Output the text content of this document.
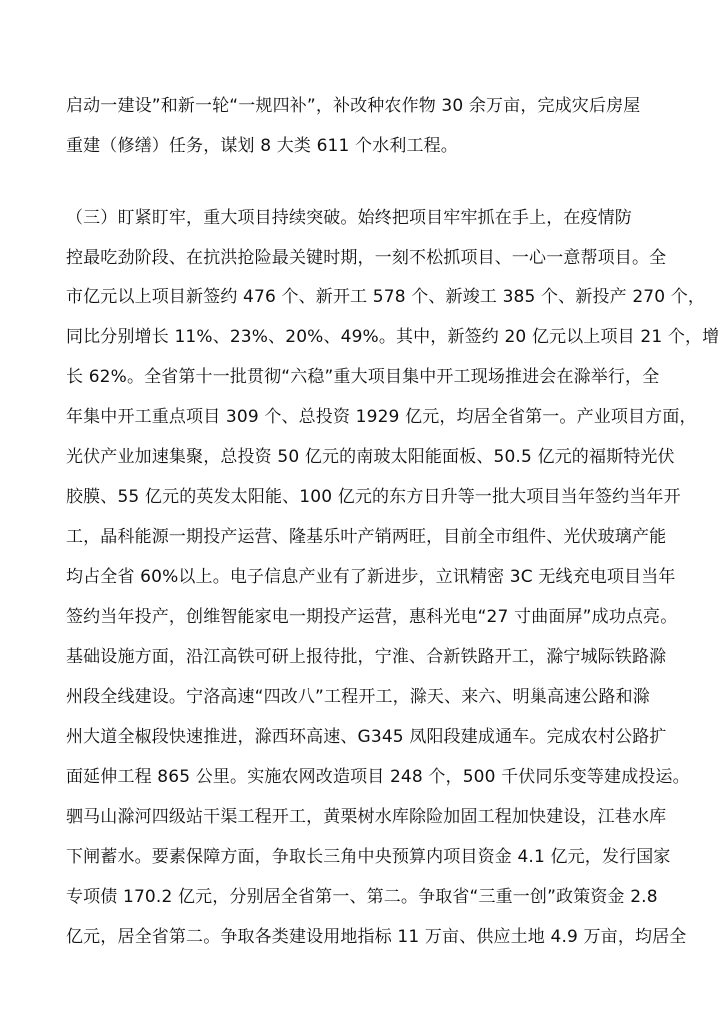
启动一建设”和新一轮“一规四补”，补改种农作物 30 余万亩，完成灾后房屋
重建（修缮）任务，谋划 8 大类 611 个水利工程。
（三）盯紧盯牢，重大项目持续突破。始终把项目牢牢抓在手上，在疫情防
控最吃劲阶段、在抗洪抢险最关键时期，一刻不松抓项目、一心一意帮项目。全
市亿元以上项目新签约 476 个、新开工 578 个、新竣工 385 个、新投产 270 个，
同比分别增长 11%、23%、20%、49%。其中，新签约 20 亿元以上项目 21 个，增
长 62%。全省第十一批贯彻“六稳”重大项目集中开工现场推进会在滁举行，全
年集中开工重点项目 309 个、总投资 1929 亿元，均居全省第一。产业项目方面，
光伏产业加速集聚，总投资 50 亿元的南玻太阳能面板、50.5 亿元的福斯特光伏
胶膜、55 亿元的英发太阳能、100 亿元的东方日升等一批大项目当年签约当年开
工，晶科能源一期投产运营、隆基乐叶产销两旺，目前全市组件、光伏玻璃产能
均占全省 60%以上。电子信息产业有了新进步，立讯精密 3C 无线充电项目当年
签约当年投产，创维智能家电一期投产运营，惠科光电“27 寸曲面屏”成功点亮。
基础设施方面，沿江高铁可研上报待批，宁淮、合新铁路开工，滁宁城际铁路滁
州段全线建设。宁洛高速“四改八”工程开工，滁天、来六、明巢高速公路和滁
州大道全椒段快速推进，滁西环高速、G345 凤阳段建成通车。完成农村公路扩
面延伸工程 865 公里。实施农网改造项目 248 个，500 千伏同乐变等建成投运。
驷马山滁河四级站干渠工程开工，黄栗树水库除险加固工程加快建设，江巷水库
下闸蓄水。要素保障方面，争取长三角中央预算内项目资金 4.1 亿元，发行国家
专项债 170.2 亿元，分别居全省第一、第二。争取省“三重一创”政策资金 2.8
亿元，居全省第二。争取各类建设用地指标 11 万亩、供应土地 4.9 万亩，均居全
